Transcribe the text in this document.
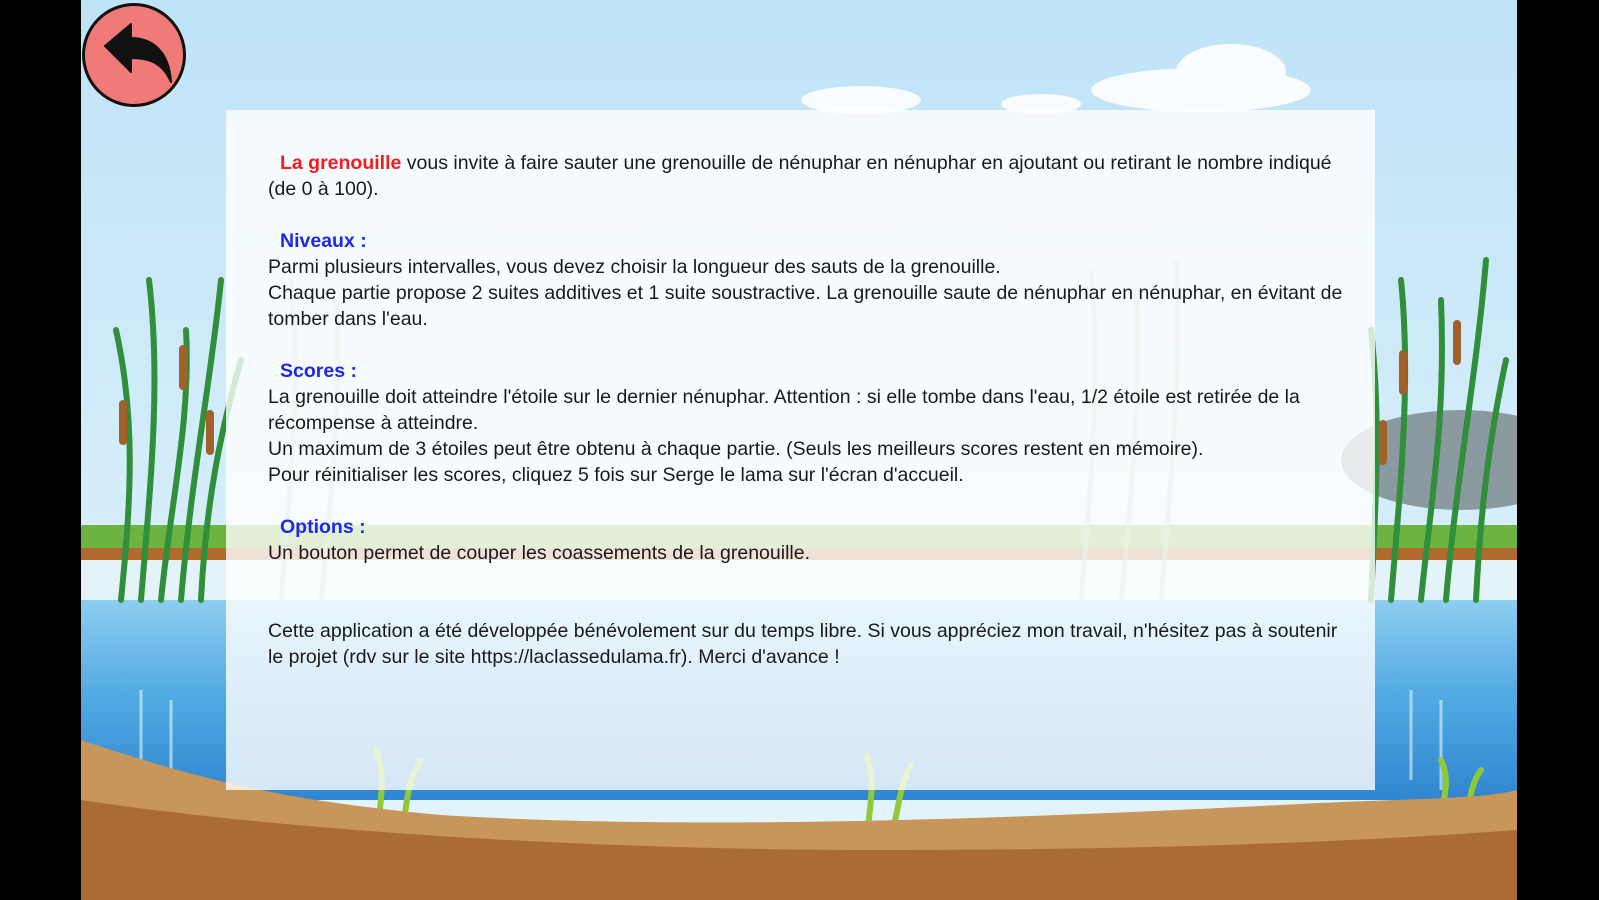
La grenouille vous invite à faire sauter une grenouille de nénuphar en nénuphar en ajoutant ou retirant le nombre indiqué (de 0 à 100).

Niveaux :

Parmi plusieurs intervalles, vous devez choisir la longueur des sauts de la grenouille.

Chaque partie propose 2 suites additives et 1 suite soustractive. La grenouille saute de nénuphar en nénuphar, en évitant de tomber dans l'eau.

Scores :

La grenouille doit atteindre l'étoile sur le dernier nénuphar. Attention : si elle tombe dans l'eau, 1/2 étoile est retirée de la récompense à atteindre.

Un maximum de 3 étoiles peut être obtenu à chaque partie. (Seuls les meilleurs scores restent en mémoire).

Pour réinitialiser les scores, cliquez 5 fois sur Serge le lama sur l'écran d'accueil.

Options :

Un bouton permet de couper les coassements de la grenouille.

Cette application a été développée bénévolement sur du temps libre. Si vous appréciez mon travail, n'hésitez pas à soutenir le projet (rdv sur le site https://laclassedulama.fr). Merci d'avance !
